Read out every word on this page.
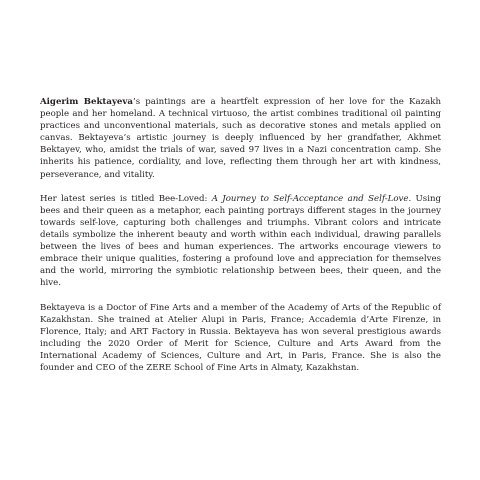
Aigerim Bektayeva’s paintings are a heartfelt expression of her love for the Kazakh people and her homeland. A technical virtuoso, the artist combines traditional oil painting practices and unconventional materials, such as decorative stones and metals applied on canvas. Bektayeva’s artistic journey is deeply influenced by her grandfather, Akhmet Bektayev, who, amidst the trials of war, saved 97 lives in a Nazi concentration camp. She inherits his patience, cordiality, and love, reflecting them through her art with kindness, perseverance, and vitality.

Her latest series is titled Bee-Loved: A Journey to Self-Acceptance and Self-Love. Using bees and their queen as a metaphor, each painting portrays different stages in the journey towards self-love, capturing both challenges and triumphs. Vibrant colors and intricate details symbolize the inherent beauty and worth within each individual, drawing parallels between the lives of bees and human experiences. The artworks encourage viewers to embrace their unique qualities, fostering a profound love and appreciation for themselves and the world, mirroring the symbiotic relationship between bees, their queen, and the hive.

Bektayeva is a Doctor of Fine Arts and a member of the Academy of Arts of the Republic of Kazakhstan. She trained at Atelier Alupi in Paris, France; Accademia d’Arte Firenze, in Florence, Italy; and ART Factory in Russia. Bektayeva has won several prestigious awards including the 2020 Order of Merit for Science, Culture and Arts Award from the International Academy of Sciences, Culture and Art, in Paris, France. She is also the founder and CEO of the ZERE School of Fine Arts in Almaty, Kazakhstan.
